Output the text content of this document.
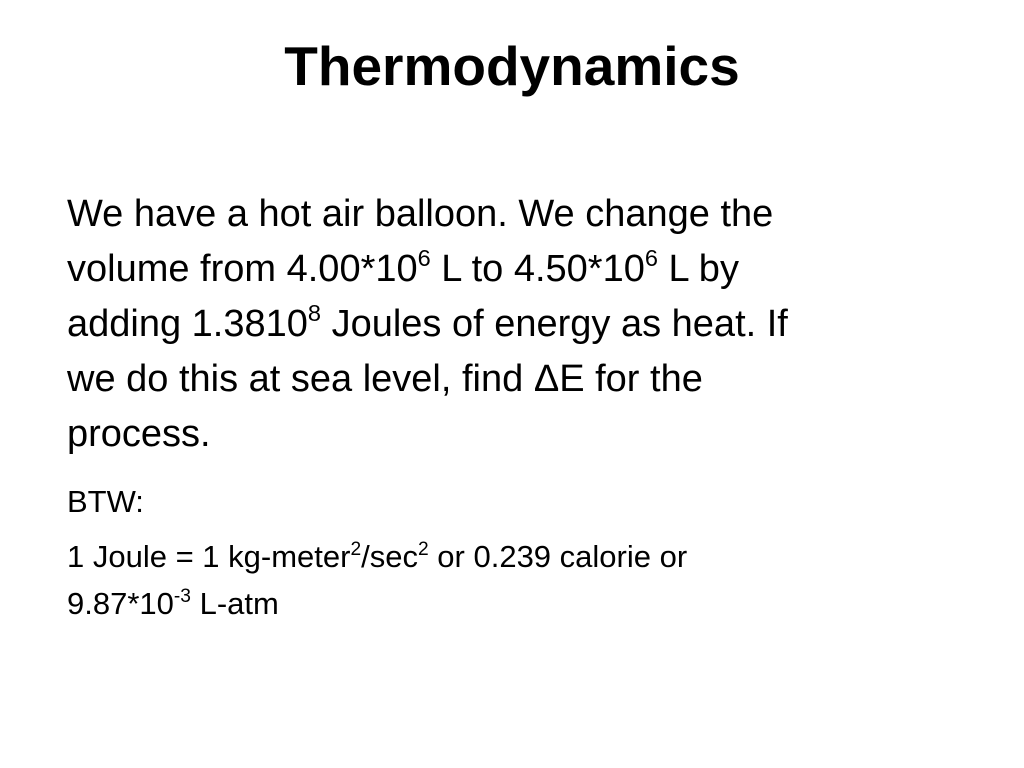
Thermodynamics

We have a hot air balloon. We change the
volume from $4.00*10^6$ L to $4.50*10^6$ L by
adding 1.3810$^8$ Joules of energy as heat. If
we do this at sea level, find ΔE for the
process.

BTW:

1 Joule = 1 $kg-meter^2/\sec^2$ or 0.239 calorie or
$9.87*10^{-3}$ L-atm
